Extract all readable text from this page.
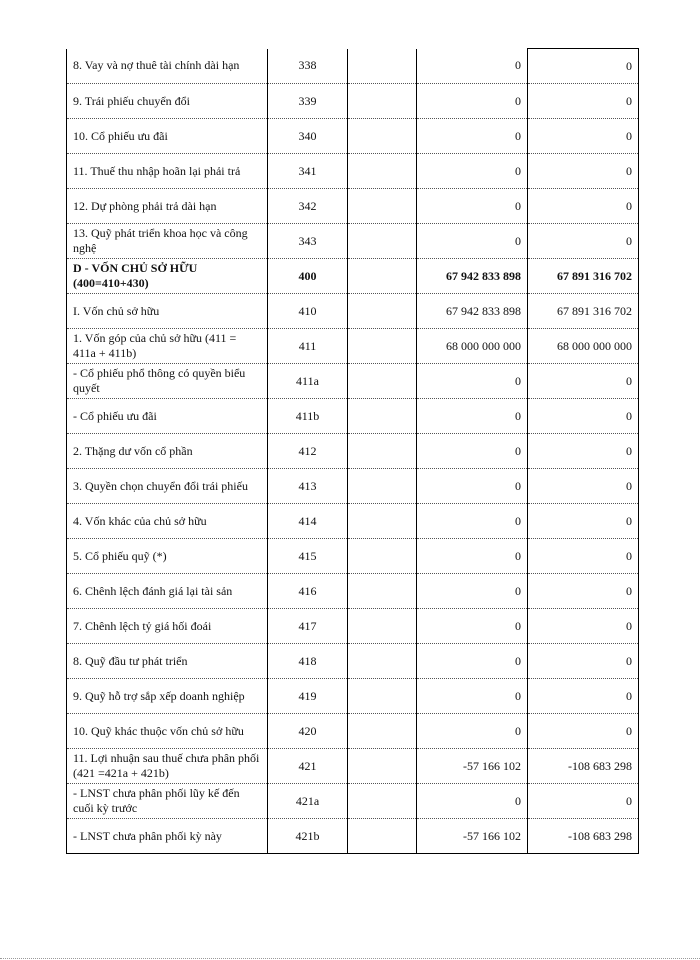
8. Vay và nợ thuê tài chính dài hạn	338		0	0
9. Trái phiếu chuyển đổi	339		0	0
10. Cổ phiếu ưu đãi	340		0	0
11. Thuế thu nhập hoãn lại phải trả	341		0	0
12. Dự phòng phải trả dài hạn	342		0	0
13. Quỹ phát triển khoa học và công nghệ	343		0	0
D - VỐN CHỦ SỞ HỮU (400=410+430)	400		67 942 833 898	67 891 316 702
I. Vốn chủ sở hữu	410		67 942 833 898	67 891 316 702
1. Vốn góp của chủ sở hữu (411 = 411a + 411b)	411		68 000 000 000	68 000 000 000
- Cổ phiếu phổ thông có quyền biểu quyết	411a		0	0
- Cổ phiếu ưu đãi	411b		0	0
2. Thặng dư vốn cổ phần	412		0	0
3. Quyền chọn chuyển đổi trái phiếu	413		0	0
4. Vốn khác của chủ sở hữu	414		0	0
5. Cổ phiếu quỹ (*)	415		0	0
6. Chênh lệch đánh giá lại tài sản	416		0	0
7. Chênh lệch tỷ giá hối đoái	417		0	0
8. Quỹ đầu tư phát triển	418		0	0
9. Quỹ hỗ trợ sắp xếp doanh nghiệp	419		0	0
10. Quỹ khác thuộc vốn chủ sở hữu	420		0	0
11. Lợi nhuận sau thuế chưa phân phối (421 =421a + 421b)	421		-57 166 102	-108 683 298
- LNST chưa phân phối lũy kế đến cuối kỳ trước	421a		0	0
- LNST chưa phân phối kỳ này	421b		-57 166 102	-108 683 298
